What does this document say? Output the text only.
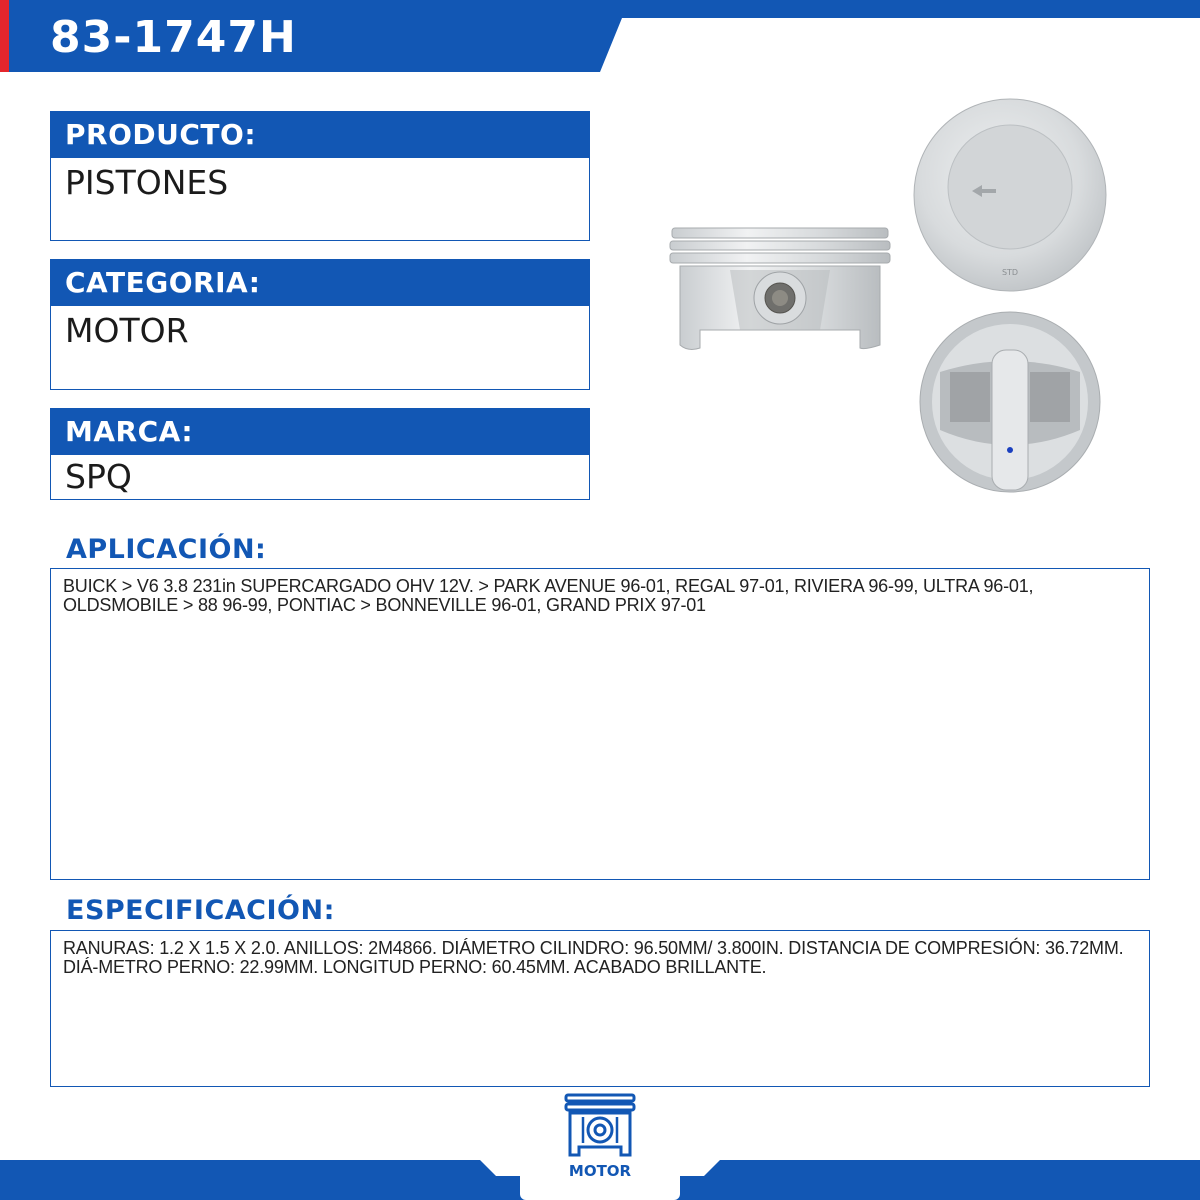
83-1747H
PRODUCTO:
PISTONES
CATEGORIA:
MOTOR
MARCA:
SPQ
STD
APLICACIÓN:
BUICK > V6 3.8 231in SUPERCARGADO OHV 12V. > PARK AVENUE 96-01, REGAL 97-01, RIVIERA 96-99, ULTRA 96-01, OLDSMOBILE > 88 96-99, PONTIAC > BONNEVILLE 96-01, GRAND PRIX 97-01
ESPECIFICACIÓN:
RANURAS: 1.2 X 1.5 X 2.0. ANILLOS: 2M4866. DIÁMETRO CILINDRO: 96.50MM/ 3.800IN. DISTANCIA DE COMPRESIÓN: 36.72MM. DIÁ-METRO PERNO: 22.99MM. LONGITUD PERNO: 60.45MM. ACABADO BRILLANTE.
MOTOR
